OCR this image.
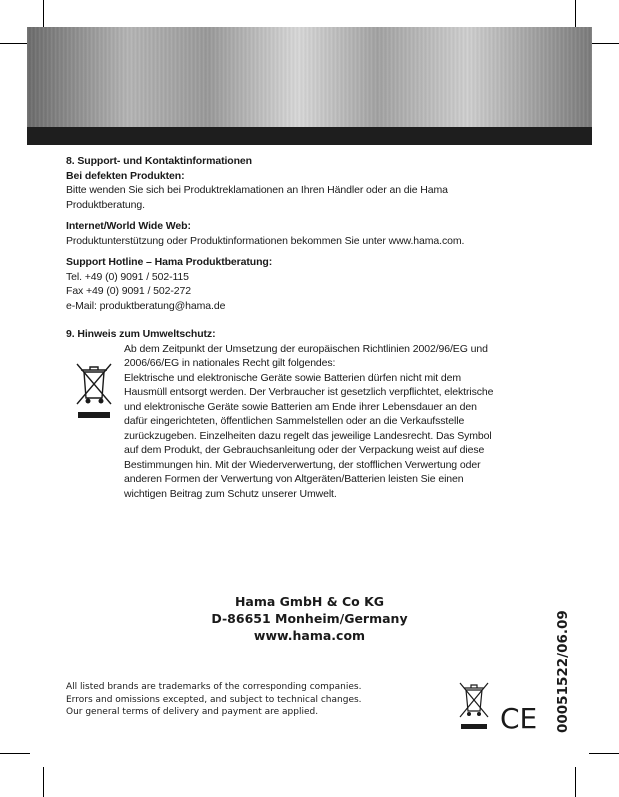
8. Support- und Kontaktinformationen

Bei defekten Produkten:

Bitte wenden Sie sich bei Produktreklamationen an Ihren Händler oder an die Hama

Produktberatung.

Internet/World Wide Web:

Produktunterstützung oder Produktinformationen bekommen Sie unter www.hama.com.

Support Hotline – Hama Produktberatung:

Tel. +49 (0) 9091 / 502-115

Fax +49 (0) 9091 / 502-272

e-Mail: produktberatung@hama.de

9. Hinweis zum Umweltschutz:

Ab dem Zeitpunkt der Umsetzung der europäischen Richtlinien 2002/96/EG und

2006/66/EG in nationales Recht gilt folgendes:

Elektrische und elektronische Geräte sowie Batterien dürfen nicht mit dem

Hausmüll entsorgt werden. Der Verbraucher ist gesetzlich verpflichtet, elektrische

und elektronische Geräte sowie Batterien am Ende ihrer Lebensdauer an den

dafür eingerichteten, öffentlichen Sammelstellen oder an die Verkaufsstelle

zurückzugeben. Einzelheiten dazu regelt das jeweilige Landesrecht. Das Symbol

auf dem Produkt, der Gebrauchsanleitung oder der Verpackung weist auf diese

Bestimmungen hin. Mit der Wiederverwertung, der stofflichen Verwertung oder

anderen Formen der Verwertung von Altgeräten/Batterien leisten Sie einen

wichtigen Beitrag zum Schutz unserer Umwelt.

Hama GmbH & Co KG

D-86651 Monheim/Germany

www.hama.com

All listed brands are trademarks of the corresponding companies.

Errors and omissions excepted, and subject to technical changes.

Our general terms of delivery and payment are applied.	CE 00051522/06.09
